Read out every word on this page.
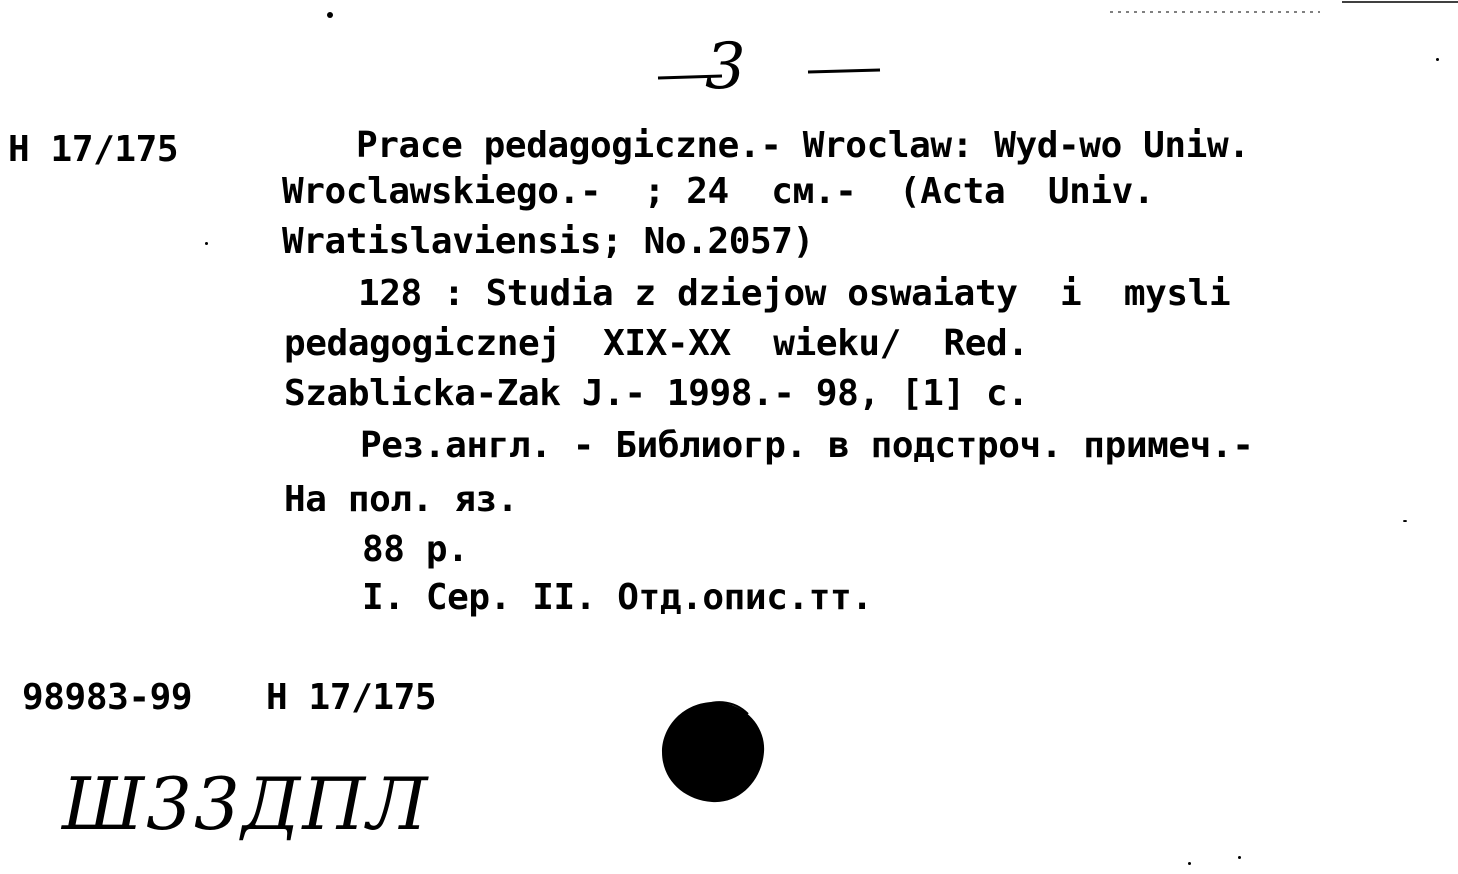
3
Н 17/175	Prace pedagogiczne.- Wroclaw: Wyd-wo Uniw.
Wroclawskiego.-  ; 24  см.-  (Acta  Univ.
Wratislaviensis; No.2057)
128 : Studia z dziejow oswaiaty  i  mysli
pedagogicznej  XIX-XX  wieku/  Red.
Szablicka-Zak J.- 1998.- 98, [1] с.
Рез.англ. - Библиогр. в подстроч. примеч.-
На пол. яз.
88 р.
I. Сер. II. Отд.опис.тт.
98983-99 Н 17/175
Ш33ДПЛ
